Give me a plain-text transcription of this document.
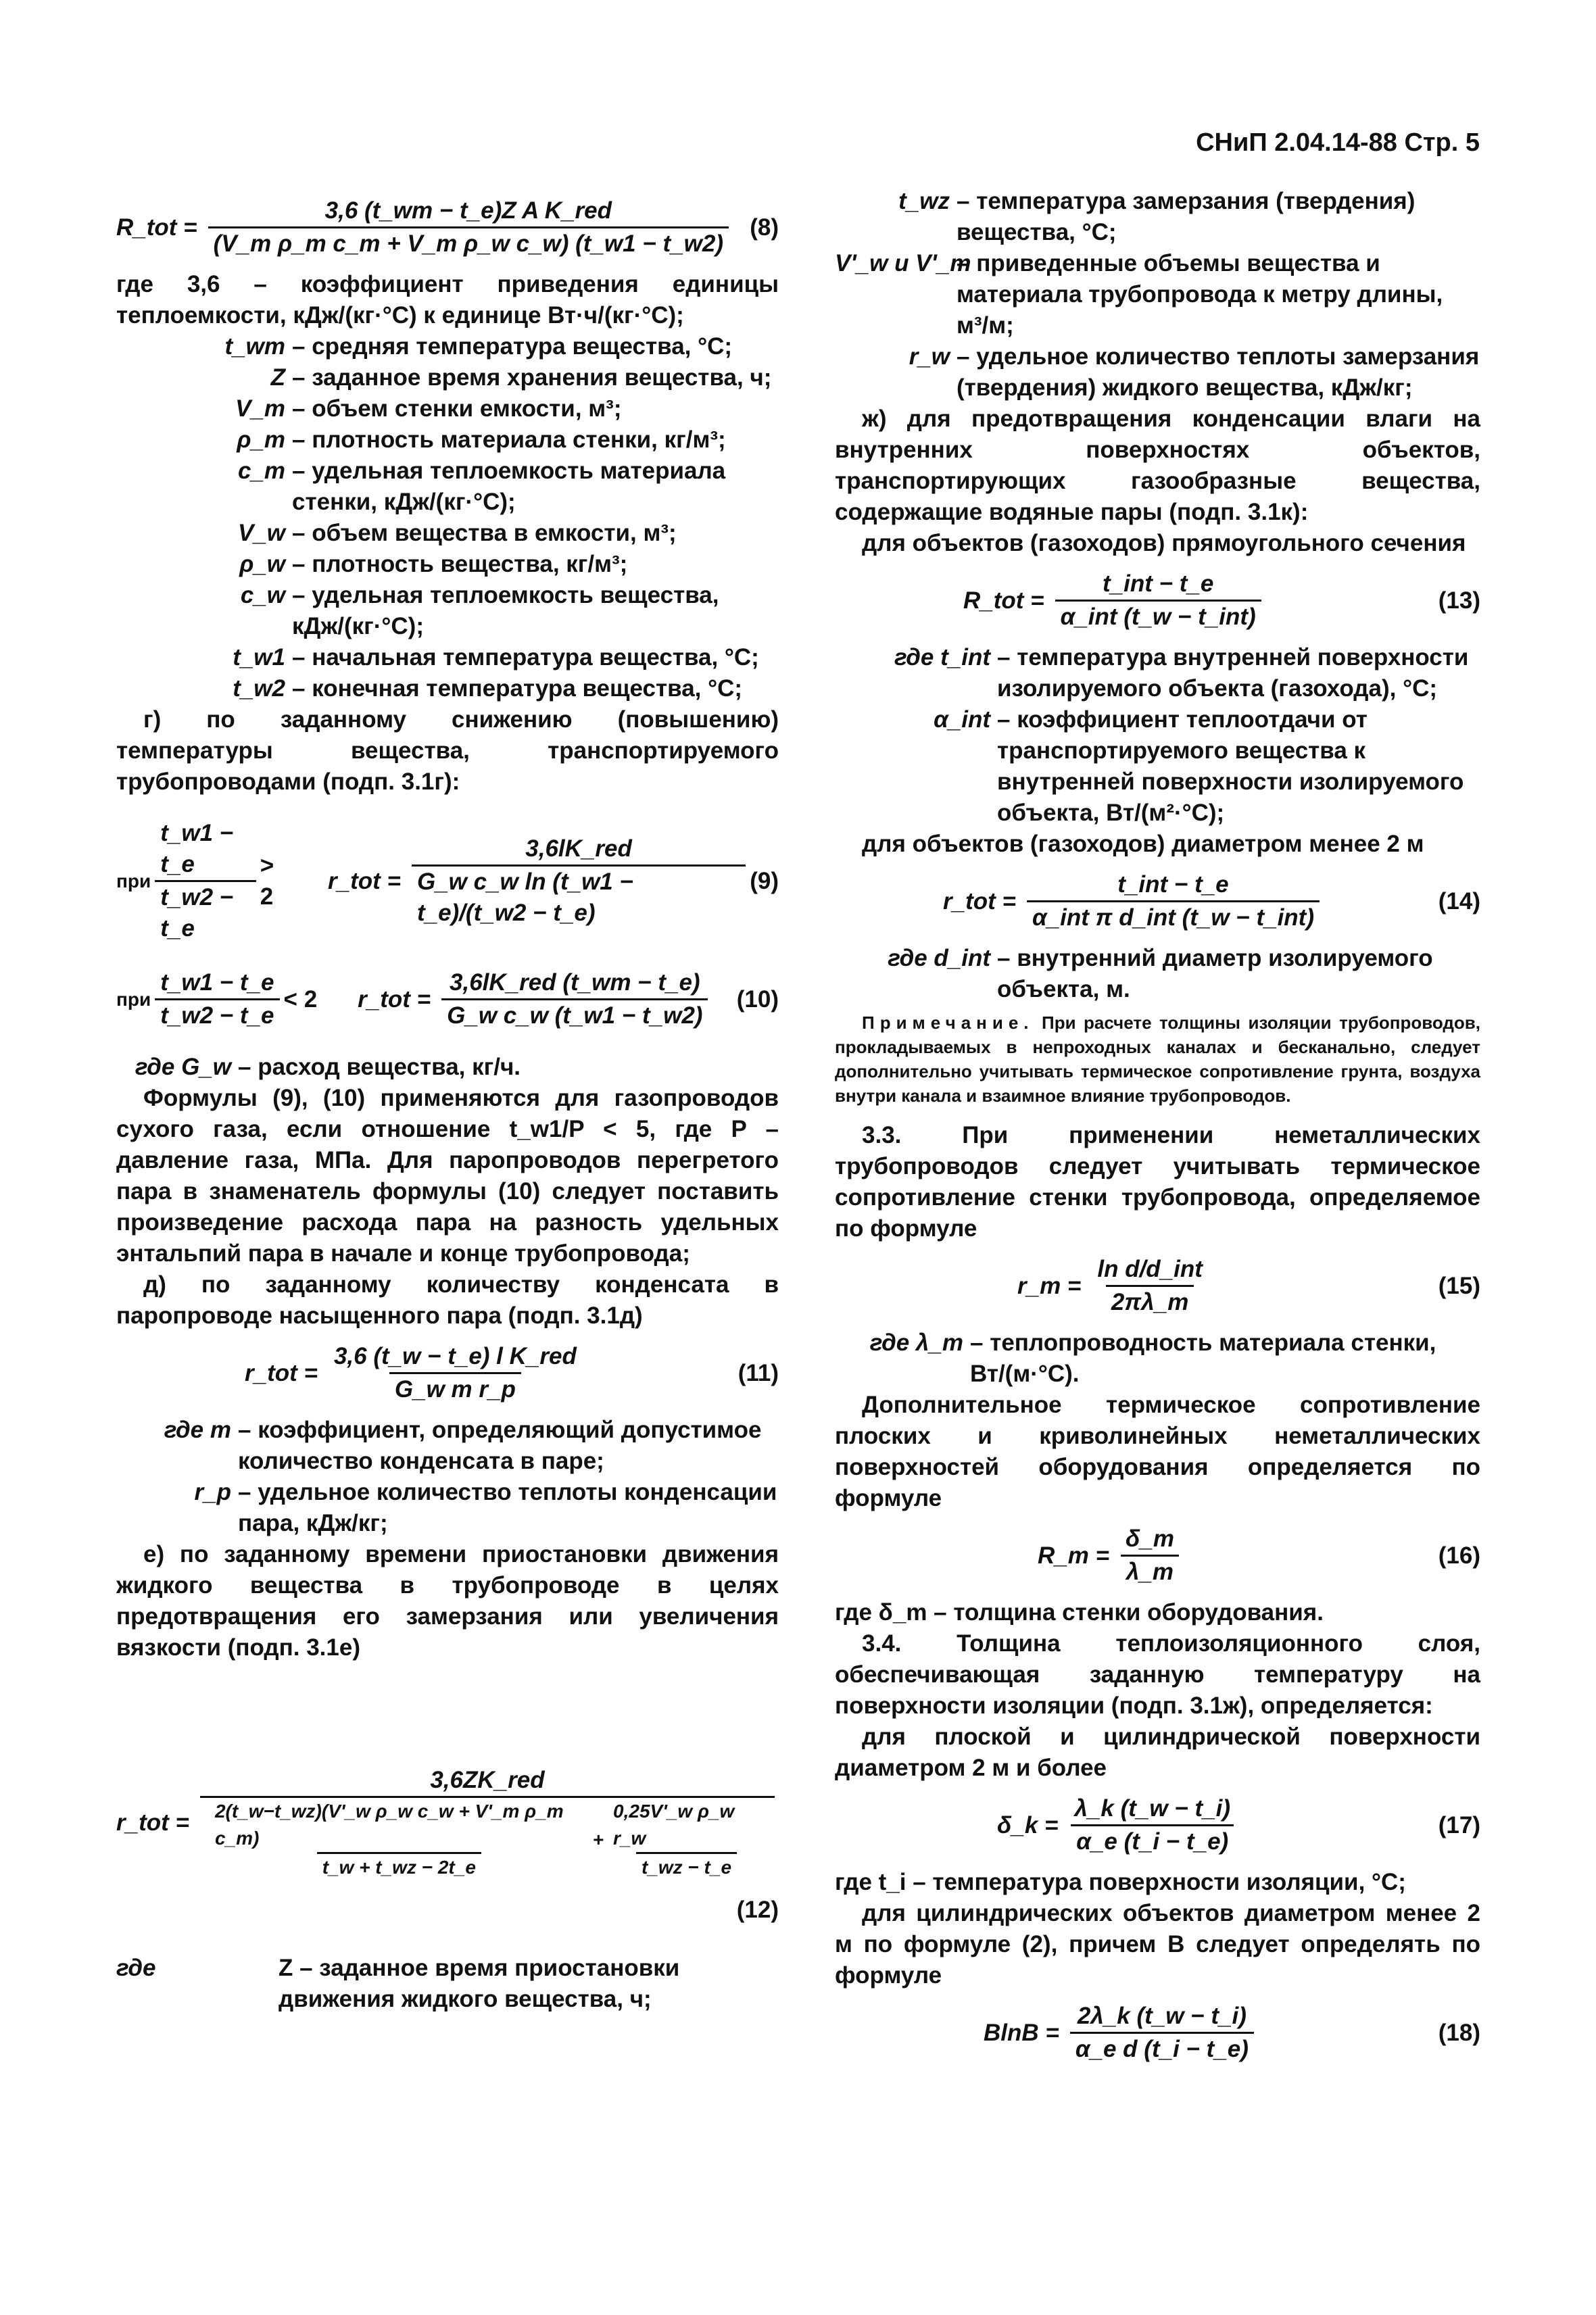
СНиП 2.04.14-88 Стр. 5
R_tot = $\frac{\text{3,6 (t\_wm − t\_e)Z A K\_red}}{\text{(V\_m ρ\_m c\_m + V\_m ρ\_w c\_w) (t\_w1 − t\_w2)}} (8)$

где 3,6 – коэффициент приведения единицы теплоемкости, кДж/(кг·°С) к единице Вт·ч/(кг·°С);

t_wm – средняя температура вещества, °С;
Z – заданное время хранения вещества, ч;
V_m – объем стенки емкости, м³;
ρ_m – плотность материала стенки, кг/м³;
c_m – удельная теплоемкость материала стенки, кДж/(кг·°С);
V_w – объем вещества в емкости, м³;
ρ_w – плотность вещества, кг/м³;
c_w – удельная теплоемкость вещества, кДж/(кг·°С);
t_w1 – начальная температура вещества, °С;
t_w2 – конечная температура вещества, °С;

г) по заданному снижению (повышению) температуры вещества, транспортируемого трубопроводами (подп. 3.1г):

при $\frac{t\_w1 - t\_e}{t\_w2 - t\_e} > 2$
r_tot = $\frac{\text{3,6lK\_red}}{\text{G\_w c\_w ln (t\_w1 − t\_e)/(t\_w2 − t\_e)}} (9)$
при $\frac{t\_w1 - t\_e}{t\_w2 - t\_e} < 2$ r_tot = $\frac{\text{3,6lK\_red (t\_wm − t\_e)}}{\text{G\_w c\_w (t\_w1 − t\_w2)}} (10)$
где G_w – расход вещества, кг/ч.

Формулы (9), (10) применяются для газопроводов сухого газа, если отношение t_w1/P < 5, где P – давление газа, МПа. Для паропроводов перегретого пара в знаменатель формулы (10) следует поставить произведение расхода пара на разность удельных энтальпий пара в начале и конце трубопровода;

д) по заданному количеству конденсата в паропроводе насыщенного пара (подп. 3.1д)

r_tot = $\frac{\text{3,6 (t\_w − t\_e) l K\_red}}{\text{G\_w m r\_p}}$	(11)
где m – коэффициент, определяющий допустимое количество конденсата в паре;
r_p – удельное количество теплоты конденсации пара, кДж/кг;

е) по заданному времени приостановки движения жидкого вещества в трубопроводе в целях предотвращения его замерзания или увеличения вязкости (подп. 3.1е)

r_tot =
3,6ZK_red
$\frac{\text{2(t\_w−t\_wz)(V'\_w ρ\_w c\_w + V'\_m ρ\_m c\_m)}}{t\_w + t\_wz - 2t\_e} + \frac{\text{0,25V'\_w ρ\_w r\_w}}{t\_wz - t\_e}$
(12)
где	Z – заданное время приостановки движения жидкого вещества, ч;
t_wz – температура замерзания (твердения) вещества, °С;
V'_w и V'_m
– приведенные объемы вещества и материала трубопровода к метру длины, м³/м;
r_w – удельное количество теплоты замерзания (твердения) жидкого вещества, кДж/кг;

ж) для предотвращения конденсации влаги на внутренних поверхностях объектов, транспортирующих газообразные вещества, содержащие водяные пары (подп. 3.1к):

для объектов (газоходов) прямоугольного сечения

R_tot = $\frac{\text{t\_int − t\_e}}{\text{α\_int (t\_w − t\_int)}}$	(13)
где t_int – температура внутренней поверхности изолируемого объекта (газохода), °С;
α_int – коэффициент теплоотдачи от транспортируемого вещества к внутренней поверхности изолируемого объекта, Вт/(м²·°С);

для объектов (газоходов) диаметром менее 2 м

r_tot = $\frac{\text{t\_int − t\_e}}{\text{α\_int π d\_int (t\_w − t\_int)}}$	(14)
где d_int – внутренний диаметр изолируемого объекта, м.

Примечание. При расчете толщины изоляции трубопроводов, прокладываемых в непроходных каналах и бесканально, следует дополнительно учитывать термическое сопротивление грунта, воздуха внутри канала и взаимное влияние трубопроводов.

3.3. При применении неметаллических трубопроводов следует учитывать термическое сопротивление стенки трубопровода, определяемое по формуле

r_m = $\frac{\text{ln d/d\_int}}{2\pi\lambda\_m}$	(15)
где λ_m – теплопроводность материала стенки, Вт/(м·°С).

Дополнительное термическое сопротивление плоских и криволинейных неметаллических поверхностей оборудования определяется по формуле

R_m = $\frac{\delta\_m}{\lambda\_m}$	(16)

где δ_m – толщина стенки оборудования.

3.4. Толщина теплоизоляционного слоя, обеспечивающая заданную температуру на поверхности изоляции (подп. 3.1ж), определяется:

для плоской и цилиндрической поверхности диаметром 2 м и более

δ_k = $\frac{\lambda\_k (t\_w - t\_i)}{\alpha\_e (t\_i - t\_e)}$	(17)

где t_i – температура поверхности изоляции, °С;

для цилиндрических объектов диаметром менее 2 м по формуле (2), причем B следует определять по формуле

$BlnB = \frac{2\lambda\_k (t\_w - t\_i)}{\text{α\_e d (t\_i − t\_e)}}$	(18)
